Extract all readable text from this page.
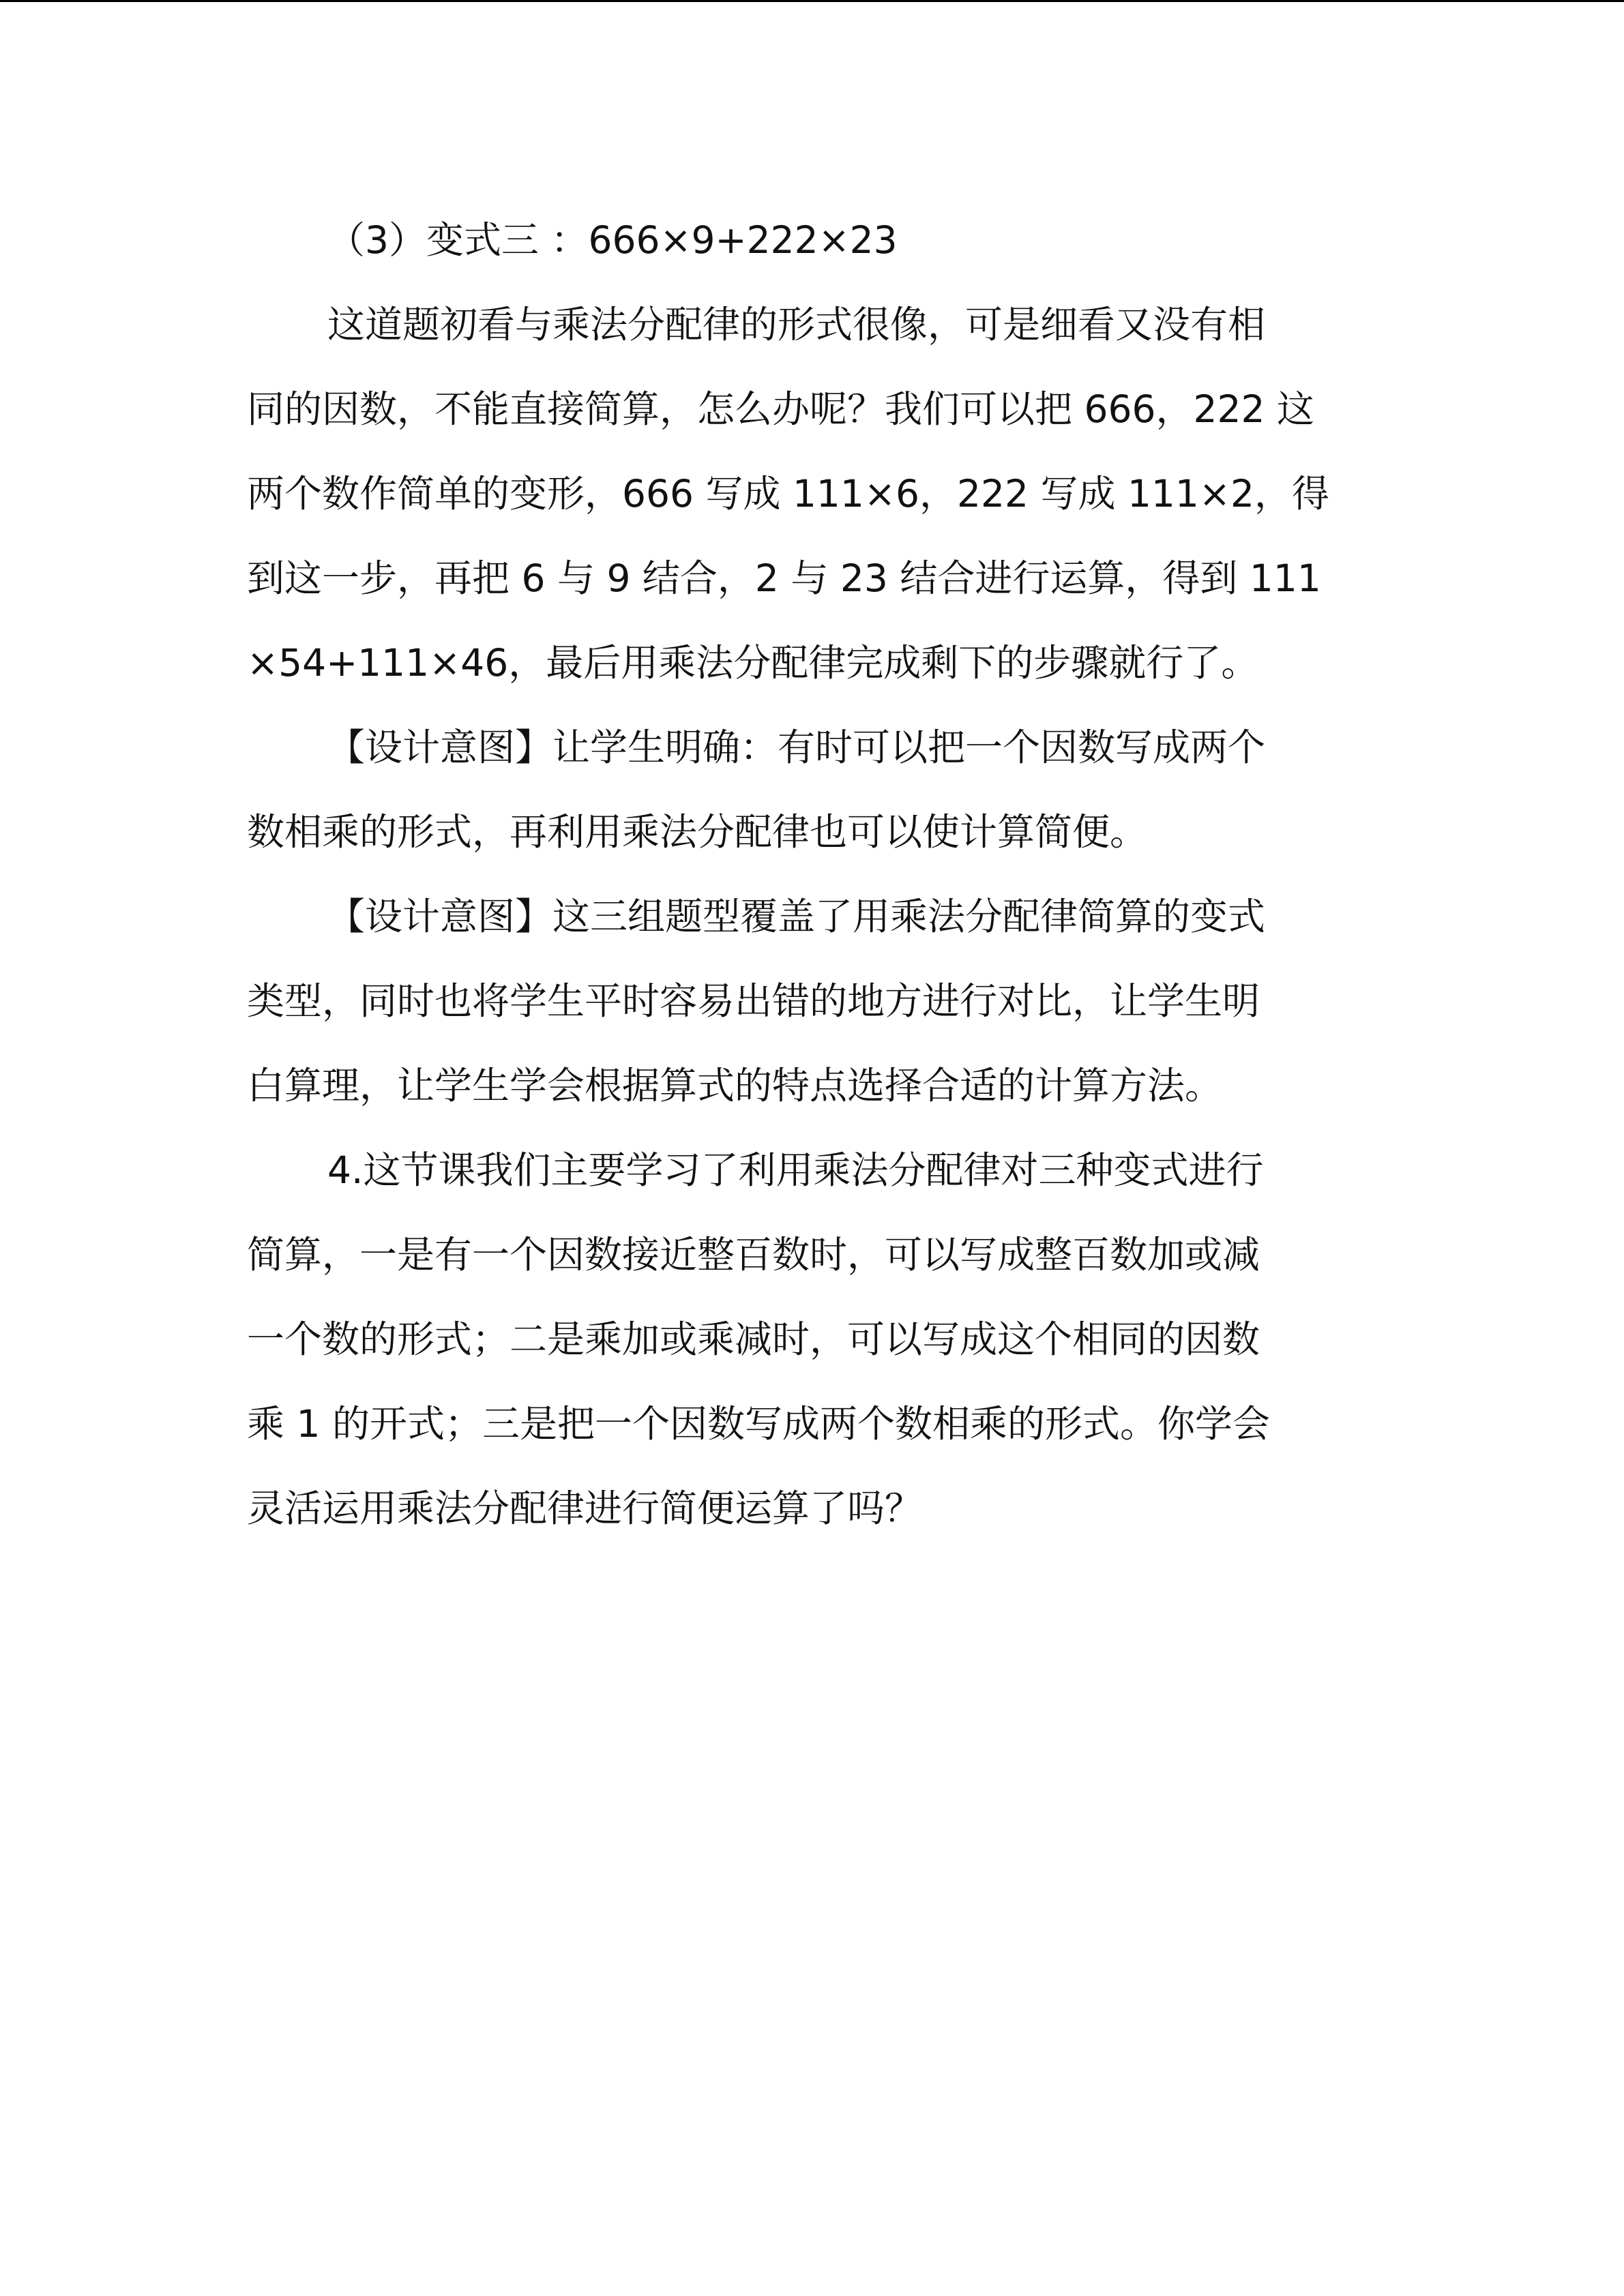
（3）变式三 ：666×9+222×23
这道题初看与乘法分配律的形式很像，可是细看又没有相
同的因数，不能直接简算，怎么办呢？我们可以把 666，222 这
两个数作简单的变形，666 写成 111×6，222 写成 111×2，得
到这一步，再把 6 与 9 结合，2 与 23 结合进行运算，得到 111
×54+111×46，最后用乘法分配律完成剩下的步骤就行了。
【设计意图】让学生明确：有时可以把一个因数写成两个
数相乘的形式，再利用乘法分配律也可以使计算简便。
【设计意图】这三组题型覆盖了用乘法分配律简算的变式
类型，同时也将学生平时容易出错的地方进行对比，让学生明
白算理，让学生学会根据算式的特点选择合适的计算方法。
4.这节课我们主要学习了利用乘法分配律对三种变式进行
简算，一是有一个因数接近整百数时，可以写成整百数加或减
一个数的形式；二是乘加或乘减时，可以写成这个相同的因数
乘 1 的开式；三是把一个因数写成两个数相乘的形式。你学会
灵活运用乘法分配律进行简便运算了吗？
